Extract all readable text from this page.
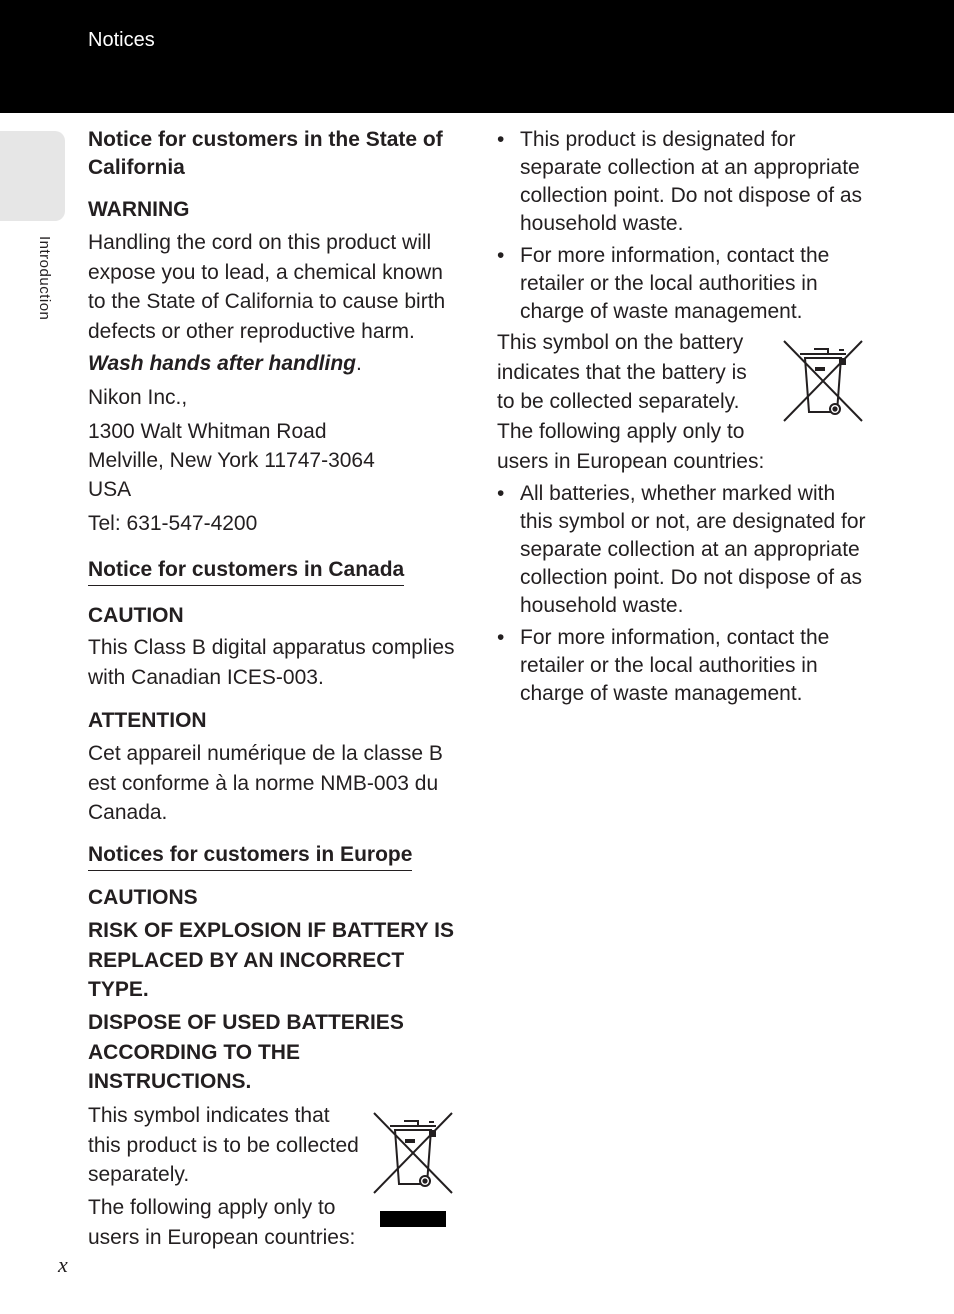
Notices
Introduction
Notice for customers in the State of California
WARNING
Handling the cord on this product will expose you to lead, a chemical known to the State of California to cause birth defects or other reproductive harm.
Wash hands after handling.
Nikon Inc.,
1300 Walt Whitman Road
Melville, New York 11747-3064
USA
Tel: 631-547-4200
Notice for customers in Canada
CAUTION
This Class B digital apparatus complies with Canadian ICES-003.
ATTENTION
Cet appareil numérique de la classe B est conforme à la norme NMB-003 du Canada.
Notices for customers in Europe
CAUTIONS
RISK OF EXPLOSION IF BATTERY IS REPLACED BY AN INCORRECT TYPE.
DISPOSE OF USED BATTERIES ACCORDING TO THE INSTRUCTIONS.
This symbol indicates that this product is to be collected separately.
The following apply only to users in European countries:
• This product is designated for separate collection at an appropriate collection point. Do not dispose of as household waste.
• For more information, contact the retailer or the local authorities in charge of waste management.
This symbol on the battery indicates that the battery is to be collected separately.
The following apply only to users in European countries:
• All batteries, whether marked with this symbol or not, are designated for separate collection at an appropriate collection point. Do not dispose of as household waste.
• For more information, contact the retailer or the local authorities in charge of waste management.
x
